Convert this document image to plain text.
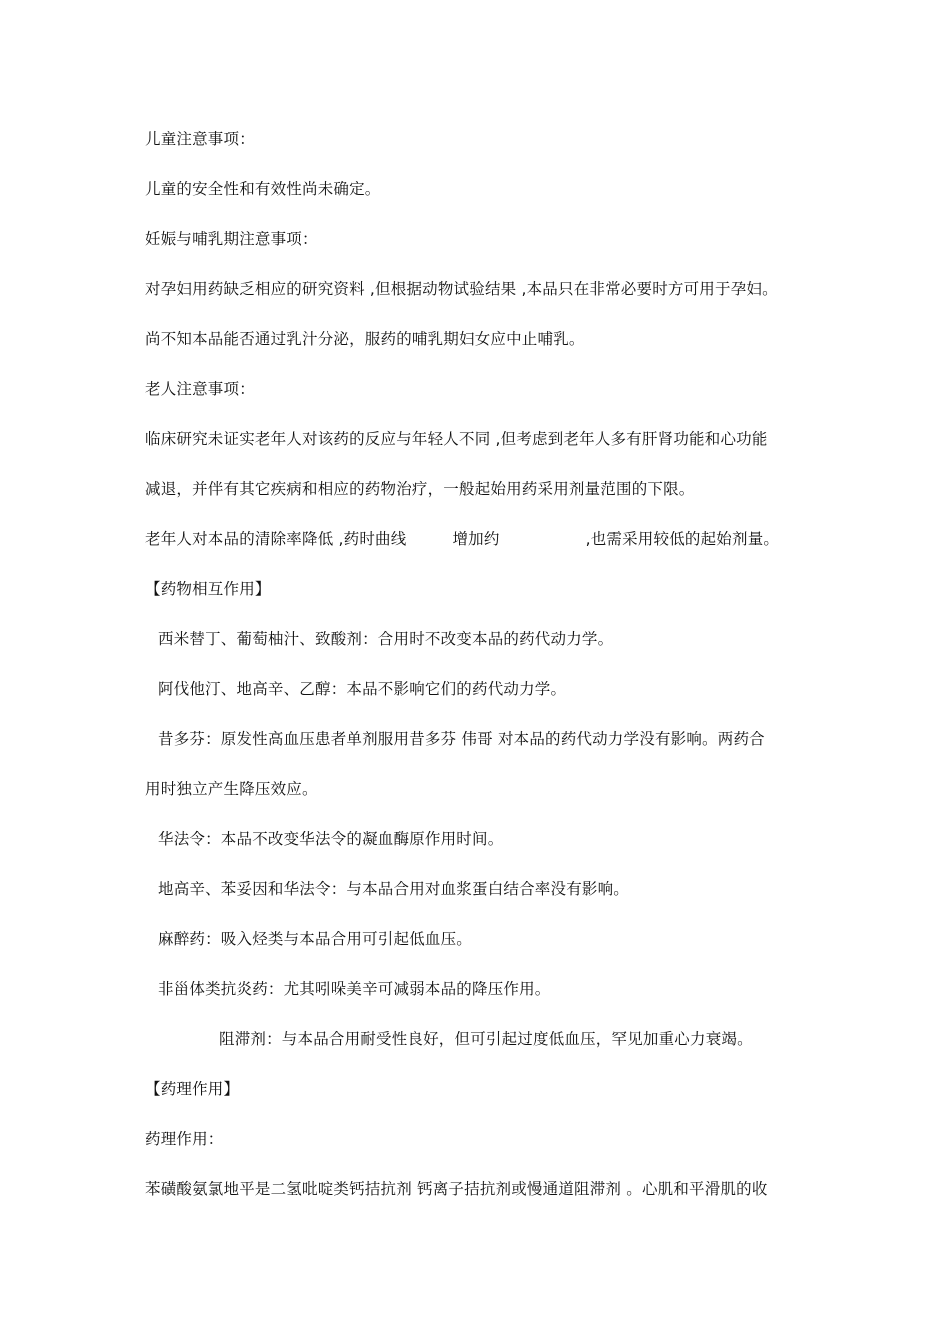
儿童注意事项：
儿童的安全性和有效性尚未确定。
妊娠与哺乳期注意事项：
对孕妇用药缺乏相应的研究资料 ,但根据动物试验结果 ,本品只在非常必要时方可用于孕妇。
尚不知本品能否通过乳汁分泌，服药的哺乳期妇女应中止哺乳。
老人注意事项：
临床研究未证实老年人对该药的反应与年轻人不同 ,但考虑到老年人多有肝肾功能和心功能
减退，并伴有其它疾病和相应的药物治疗，一般起始用药采用剂量范围的下限。
老年人对本品的清除率降低 ,药时曲线	增加约	,也需采用较低的起始剂量。
【药物相互作用】
西米替丁、葡萄柚汁、致酸剂：合用时不改变本品的药代动力学。
阿伐他汀、地高辛、乙醇：本品不影响它们的药代动力学。
昔多芬：原发性高血压患者单剂服用昔多芬 伟哥 对本品的药代动力学没有影响。两药合
用时独立产生降压效应。
华法令：本品不改变华法令的凝血酶原作用时间。
地高辛、苯妥因和华法令：与本品合用对血浆蛋白结合率没有影响。
麻醉药：吸入烃类与本品合用可引起低血压。
非甾体类抗炎药：尤其吲哚美辛可减弱本品的降压作用。
阻滞剂：与本品合用耐受性良好，但可引起过度低血压，罕见加重心力衰竭。
【药理作用】
药理作用：
苯磺酸氨氯地平是二氢吡啶类钙拮抗剂 钙离子拮抗剂或慢通道阻滞剂 。心肌和平滑肌的收
